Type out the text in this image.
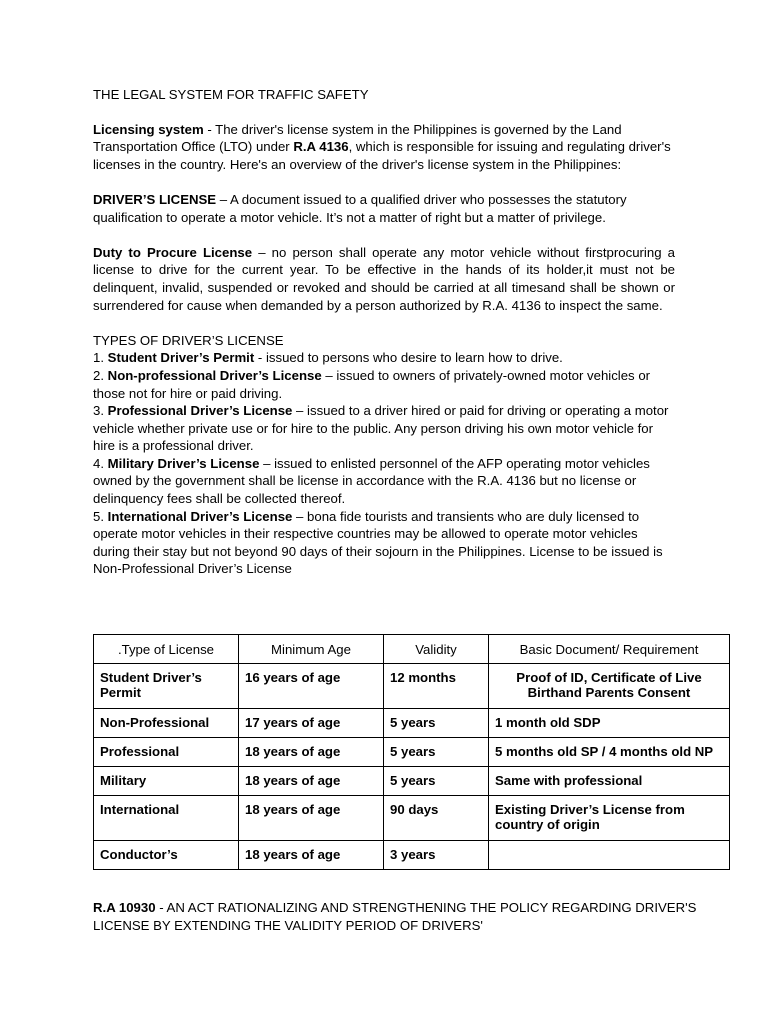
THE LEGAL SYSTEM FOR TRAFFIC SAFETY

Licensing system - The driver's license system in the Philippines is governed by the Land Transportation Office (LTO) under R.A 4136, which is responsible for issuing and regulating driver's licenses in the country. Here's an overview of the driver's license system in the Philippines:

DRIVER’S LICENSE – A document issued to a qualified driver who possesses the statutory qualification to operate a motor vehicle. It’s not a matter of right but a matter of privilege.

Duty to Procure License – no person shall operate any motor vehicle without firstprocuring a license to drive for the current year. To be effective in the hands of its holder,it must not be delinquent, invalid, suspended or revoked and should be carried at all timesand shall be shown or surrendered for cause when demanded by a person authorized by R.A. 4136 to inspect the same.

TYPES OF DRIVER’S LICENSE

1. Student Driver’s Permit - issued to persons who desire to learn how to drive.

2. Non-professional Driver’s License – issued to owners of privately-owned motor vehicles or those not for hire or paid driving.

3. Professional Driver’s License – issued to a driver hired or paid for driving or operating a motor vehicle whether private use or for hire to the public. Any person driving his own motor vehicle for hire is a professional driver.

4. Military Driver’s License – issued to enlisted personnel of the AFP operating motor vehicles owned by the government shall be license in accordance with the R.A. 4136 but no license or delinquency fees shall be collected thereof.

5. International Driver’s License – bona fide tourists and transients who are duly licensed to operate motor vehicles in their respective countries may be allowed to operate motor vehicles during their stay but not beyond 90 days of their sojourn in the Philippines. License to be issued is Non-Professional Driver’s License

.Type of License	Minimum Age	Validity	Basic Document/ Requirement
Student Driver’s Permit	16 years of age	12 months	Proof of ID, Certificate of Live Birthand Parents Consent
Non-Professional	17 years of age	5 years	1 month old SDP
Professional	18 years of age	5 years	5 months old SP / 4 months old NP
Military	18 years of age	5 years	Same with professional
International	18 years of age	90 days	Existing Driver’s License from country of origin
Conductor’s	18 years of age	3 years	

R.A 10930 - AN ACT RATIONALIZING AND STRENGTHENING THE POLICY REGARDING DRIVER'S LICENSE BY EXTENDING THE VALIDITY PERIOD OF DRIVERS'
